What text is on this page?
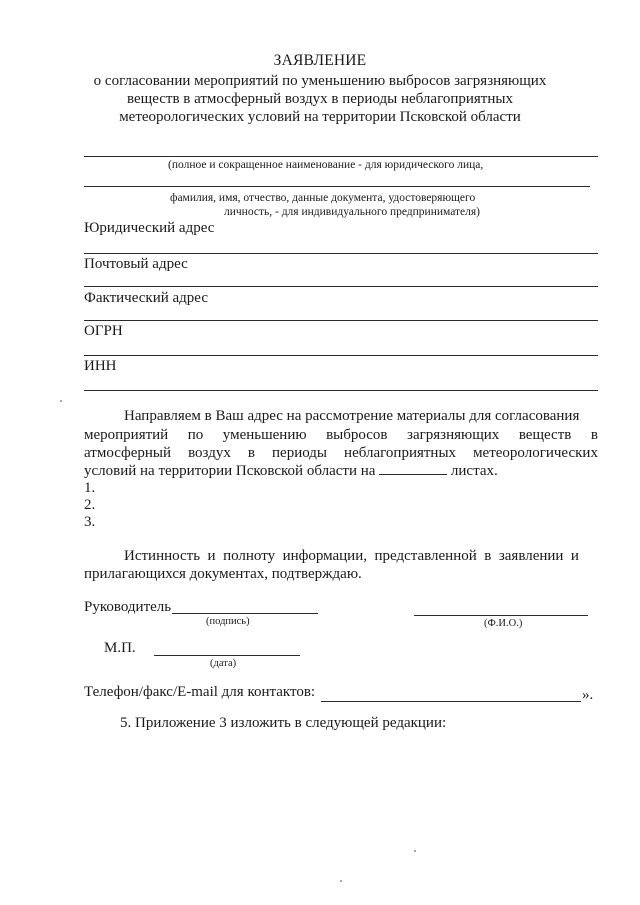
ЗАЯВЛЕНИЕ
о согласовании мероприятий по уменьшению выбросов загрязняющих
веществ в атмосферный воздух в периоды неблагоприятных
метеорологических условий на территории Псковской области
(полное и сокращенное наименование - для юридического лица,
фамилия, имя, отчество, данные документа, удостоверяющего
личность, - для индивидуального предпринимателя)
Юридический адрес
Почтовый адрес
Фактический адрес
ОГРН
ИНН
Направляем в Ваш адрес на рассмотрение материалы для согласования
мероприятий по уменьшению выбросов загрязняющих веществ в
атмосферный воздух в периоды неблагоприятных метеорологических
условий на территории Псковской области на	листах.
1.
2.
3.
Истинность и полноту информации, представленной в заявлении и
прилагающихся документах, подтверждаю.
Руководитель
(подпись)	(Ф.И.О.)
М.П.
(дата)
Телефон/факс/E-mail для контактов:	».
5. Приложение 3 изложить в следующей редакции:
